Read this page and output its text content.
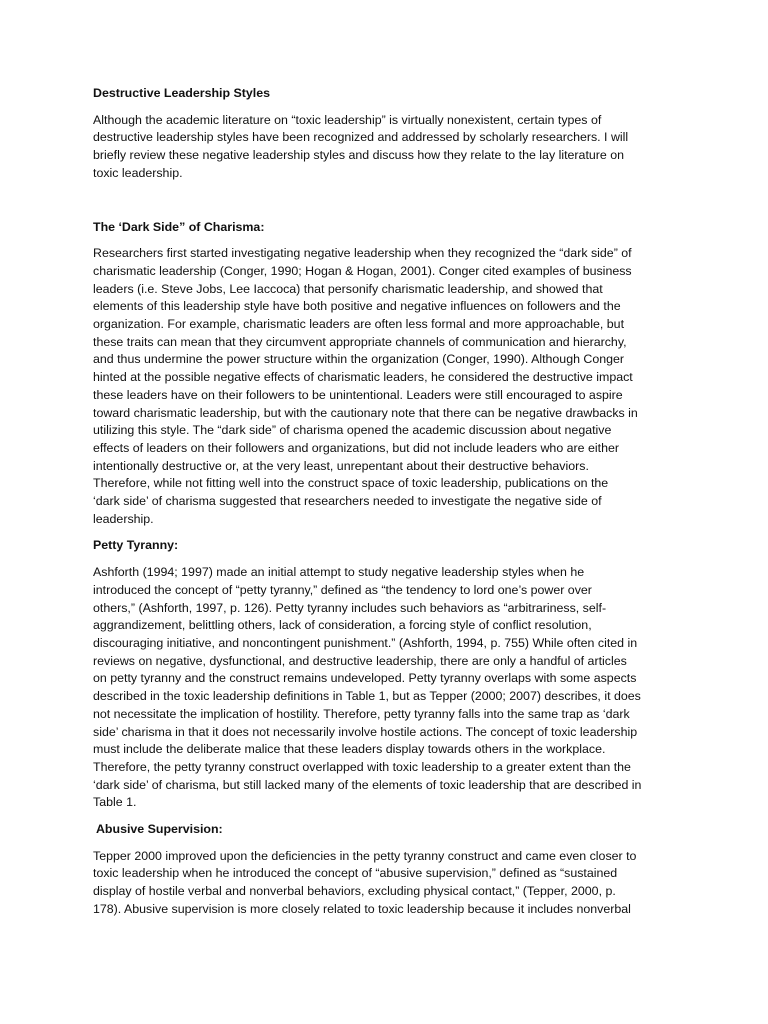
Destructive Leadership Styles
Although the academic literature on “toxic leadership” is virtually nonexistent, certain types of
destructive leadership styles have been recognized and addressed by scholarly researchers. I will
briefly review these negative leadership styles and discuss how they relate to the lay literature on
toxic leadership.
The ‘Dark Side” of Charisma:
Researchers first started investigating negative leadership when they recognized the “dark side” of
charismatic leadership (Conger, 1990; Hogan & Hogan, 2001). Conger cited examples of business
leaders (i.e. Steve Jobs, Lee Iaccoca) that personify charismatic leadership, and showed that
elements of this leadership style have both positive and negative influences on followers and the
organization. For example, charismatic leaders are often less formal and more approachable, but
these traits can mean that they circumvent appropriate channels of communication and hierarchy,
and thus undermine the power structure within the organization (Conger, 1990). Although Conger
hinted at the possible negative effects of charismatic leaders, he considered the destructive impact
these leaders have on their followers to be unintentional. Leaders were still encouraged to aspire
toward charismatic leadership, but with the cautionary note that there can be negative drawbacks in
utilizing this style. The “dark side” of charisma opened the academic discussion about negative
effects of leaders on their followers and organizations, but did not include leaders who are either
intentionally destructive or, at the very least, unrepentant about their destructive behaviors.
Therefore, while not fitting well into the construct space of toxic leadership, publications on the
‘dark side’ of charisma suggested that researchers needed to investigate the negative side of
leadership.
Petty Tyranny:
Ashforth (1994; 1997) made an initial attempt to study negative leadership styles when he
introduced the concept of “petty tyranny,” defined as “the tendency to lord one’s power over
others,” (Ashforth, 1997, p. 126). Petty tyranny includes such behaviors as “arbitrariness, self-
aggrandizement, belittling others, lack of consideration, a forcing style of conflict resolution,
discouraging initiative, and noncontingent punishment.” (Ashforth, 1994, p. 755) While often cited in
reviews on negative, dysfunctional, and destructive leadership, there are only a handful of articles
on petty tyranny and the construct remains undeveloped. Petty tyranny overlaps with some aspects
described in the toxic leadership definitions in Table 1, but as Tepper (2000; 2007) describes, it does
not necessitate the implication of hostility. Therefore, petty tyranny falls into the same trap as ‘dark
side’ charisma in that it does not necessarily involve hostile actions. The concept of toxic leadership
must include the deliberate malice that these leaders display towards others in the workplace.
Therefore, the petty tyranny construct overlapped with toxic leadership to a greater extent than the
‘dark side’ of charisma, but still lacked many of the elements of toxic leadership that are described in
Table 1.
Abusive Supervision:
Tepper 2000 improved upon the deficiencies in the petty tyranny construct and came even closer to
toxic leadership when he introduced the concept of “abusive supervision,” defined as “sustained
display of hostile verbal and nonverbal behaviors, excluding physical contact,” (Tepper, 2000, p.
178). Abusive supervision is more closely related to toxic leadership because it includes nonverbal
